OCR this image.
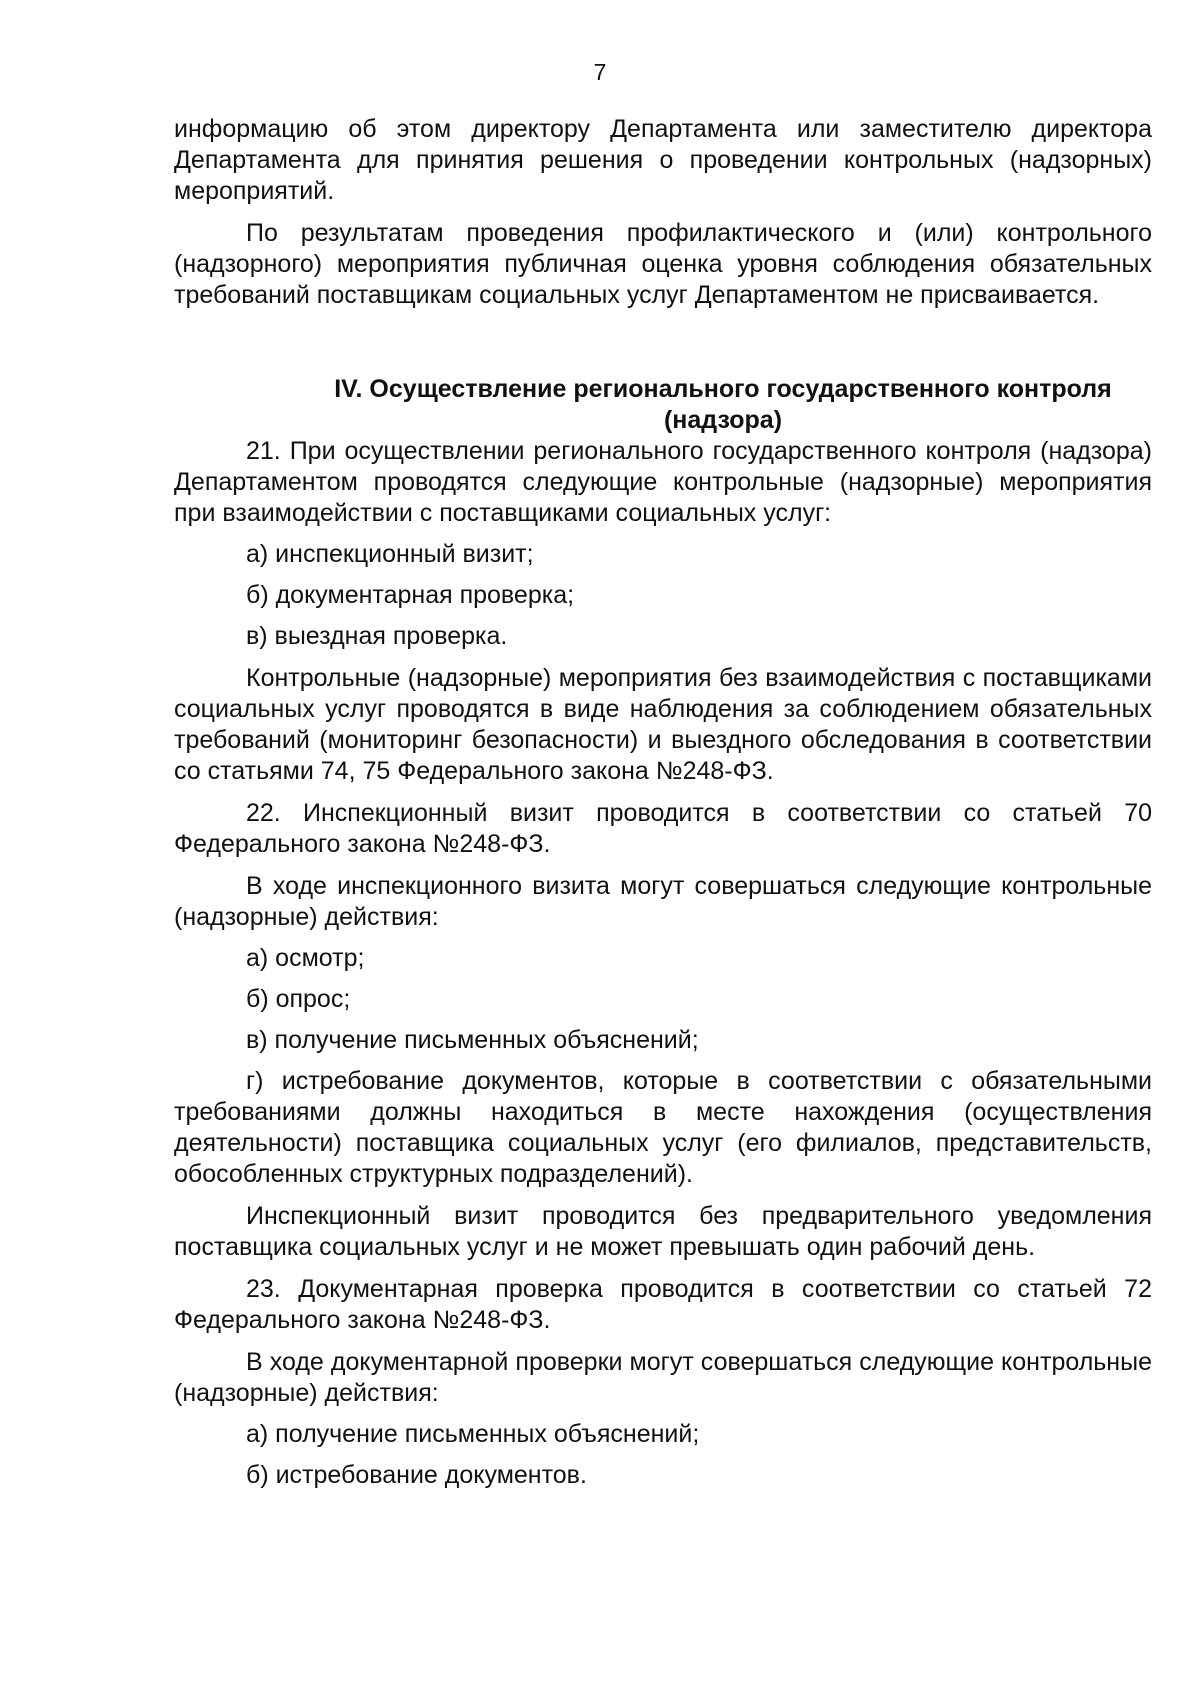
7

информацию об этом директору Департамента или заместителю директора Департамента для принятия решения о проведении контрольных (надзорных) мероприятий.

По результатам проведения профилактического и (или) контрольного (надзорного) мероприятия публичная оценка уровня соблюдения обязательных требований поставщикам социальных услуг Департаментом не присваивается.

IV. Осуществление регионального государственного контроля (надзора)

21. При осуществлении регионального государственного контроля (надзора) Департаментом проводятся следующие контрольные (надзорные) мероприятия при взаимодействии с поставщиками социальных услуг:

а) инспекционный визит;

б) документарная проверка;

в) выездная проверка.

Контрольные (надзорные) мероприятия без взаимодействия с поставщиками социальных услуг проводятся в виде наблюдения за соблюдением обязательных требований (мониторинг безопасности) и выездного обследования в соответствии со статьями 74, 75 Федерального закона №248-ФЗ.

22. Инспекционный визит проводится в соответствии со статьей 70 Федерального закона №248-ФЗ.

В ходе инспекционного визита могут совершаться следующие контрольные (надзорные) действия:

а) осмотр;

б) опрос;

в) получение письменных объяснений;

г) истребование документов, которые в соответствии с обязательными требованиями должны находиться в месте нахождения (осуществления деятельности) поставщика социальных услуг (его филиалов, представительств, обособленных структурных подразделений).

Инспекционный визит проводится без предварительного уведомления поставщика социальных услуг и не может превышать один рабочий день.

23. Документарная проверка проводится в соответствии со статьей 72 Федерального закона №248-ФЗ.

В ходе документарной проверки могут совершаться следующие контрольные (надзорные) действия:

а) получение письменных объяснений;

б) истребование документов.
